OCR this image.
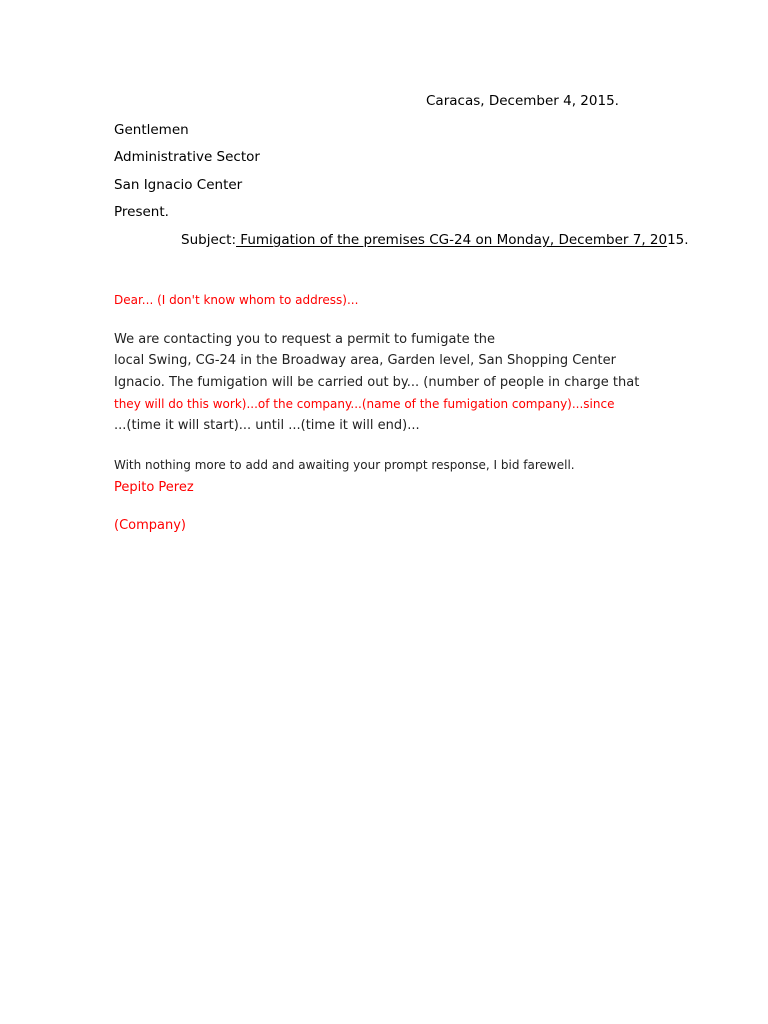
Caracas, December 4, 2015.

Gentlemen

Administrative Sector

San Ignacio Center

Present.

Subject: Fumigation of the premises CG-24 on Monday, December 7, 2015.

Dear... (I don't know whom to address)...

We are contacting you to request a permit to fumigate the

local Swing, CG-24 in the Broadway area, Garden level, San Shopping Center

Ignacio. The fumigation will be carried out by... (number of people in charge that

they will do this work)...of the company...(name of the fumigation company)...since

...(time it will start)... until ...(time it will end)...

With nothing more to add and awaiting your prompt response, I bid farewell.

Pepito Perez

(Company)
